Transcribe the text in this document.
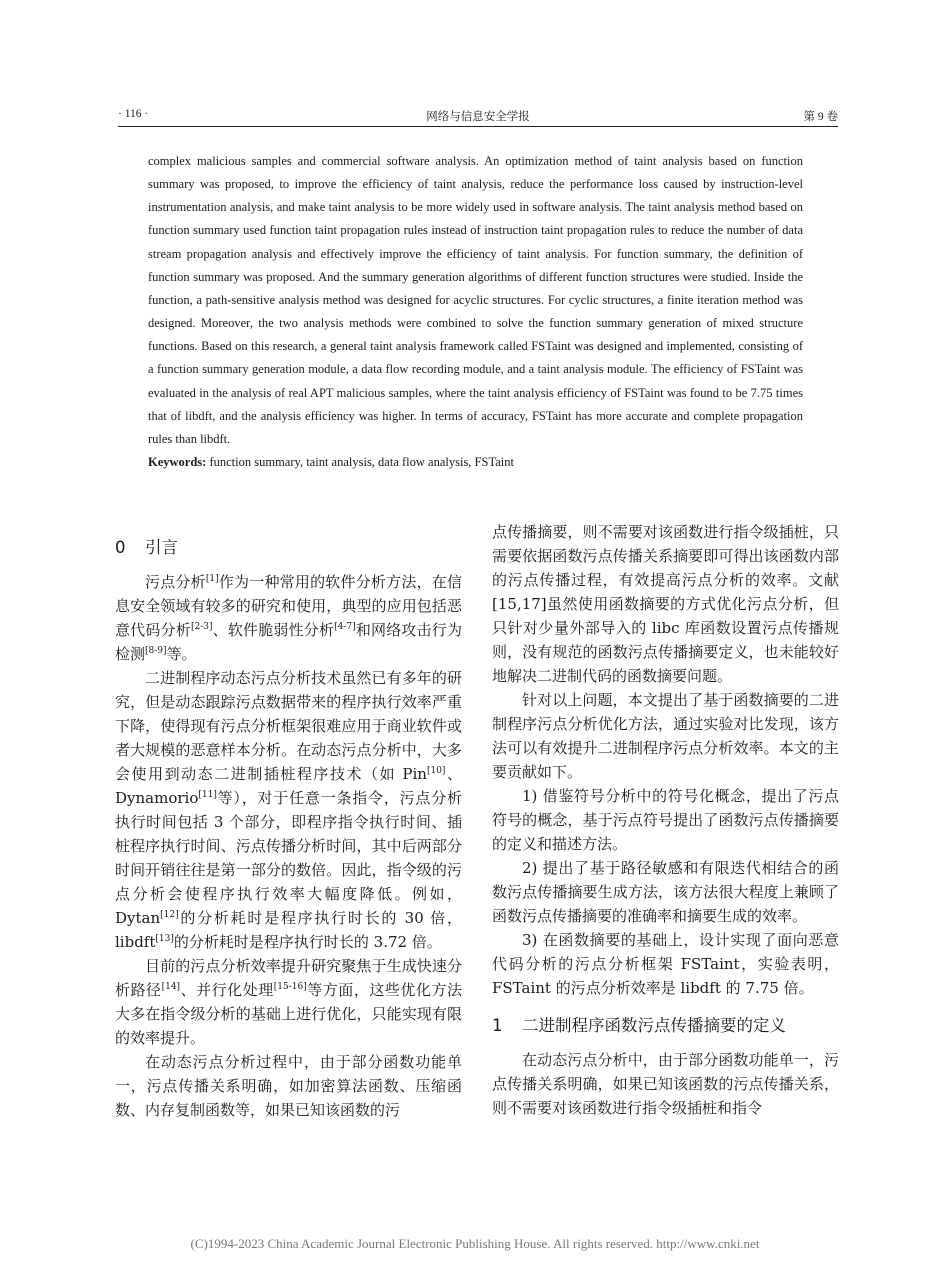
· 116 ·	网络与信息安全学报	第 9 卷

complex malicious samples and commercial software analysis. An optimization method of taint analysis based on function summary was proposed, to improve the efficiency of taint analysis, reduce the performance loss caused by instruction-level instrumentation analysis, and make taint analysis to be more widely used in software analysis. The taint analysis method based on function summary used function taint propagation rules instead of instruction taint propagation rules to reduce the number of data stream propagation analysis and effectively improve the efficiency of taint analysis. For function summary, the definition of function summary was proposed. And the summary generation algorithms of different function structures were studied. Inside the function, a path-sensitive analysis method was designed for acyclic structures. For cyclic structures, a finite iteration method was designed. Moreover, the two analysis methods were combined to solve the function summary generation of mixed structure functions. Based on this research, a general taint analysis framework called FSTaint was designed and implemented, consisting of a function summary generation module, a data flow recording module, and a taint analysis module. The efficiency of FSTaint was evaluated in the analysis of real APT malicious samples, where the taint analysis efficiency of FSTaint was found to be 7.75 times that of libdft, and the analysis efficiency was higher. In terms of accuracy, FSTaint has more accurate and complete propagation rules than libdft.

Keywords: function summary, taint analysis, data flow analysis, FSTaint

0 引言

污点分析[1]作为一种常用的软件分析方法，在信息安全领域有较多的研究和使用，典型的应用包括恶意代码分析[2-3]、软件脆弱性分析[4-7]和网络攻击行为检测[8-9]等。

二进制程序动态污点分析技术虽然已有多年的研究，但是动态跟踪污点数据带来的程序执行效率严重下降，使得现有污点分析框架很难应用于商业软件或者大规模的恶意样本分析。在动态污点分析中，大多会使用到动态二进制插桩程序技术（如 Pin[10]、Dynamorio[11]等），对于任意一条指令，污点分析执行时间包括 3 个部分，即程序指令执行时间、插桩程序执行时间、污点传播分析时间，其中后两部分时间开销往往是第一部分的数倍。因此，指令级的污点分析会使程序执行效率大幅度降低。例如，Dytan[12]的分析耗时是程序执行时长的 30 倍，libdft[13]的分析耗时是程序执行时长的 3.72 倍。

目前的污点分析效率提升研究聚焦于生成快速分析路径[14]、并行化处理[15-16]等方面，这些优化方法大多在指令级分析的基础上进行优化，只能实现有限的效率提升。

在动态污点分析过程中，由于部分函数功能单一，污点传播关系明确，如加密算法函数、压缩函数、内存复制函数等，如果已知该函数的污

点传播摘要，则不需要对该函数进行指令级插桩，只需要依据函数污点传播关系摘要即可得出该函数内部的污点传播过程，有效提高污点分析的效率。文献[15,17]虽然使用函数摘要的方式优化污点分析，但只针对少量外部导入的 libc 库函数设置污点传播规则，没有规范的函数污点传播摘要定义，也未能较好地解决二进制代码的函数摘要问题。

针对以上问题，本文提出了基于函数摘要的二进制程序污点分析优化方法，通过实验对比发现，该方法可以有效提升二进制程序污点分析效率。本文的主要贡献如下。

1) 借鉴符号分析中的符号化概念，提出了污点符号的概念，基于污点符号提出了函数污点传播摘要的定义和描述方法。

2) 提出了基于路径敏感和有限迭代相结合的函数污点传播摘要生成方法，该方法很大程度上兼顾了函数污点传播摘要的准确率和摘要生成的效率。

3) 在函数摘要的基础上，设计实现了面向恶意代码分析的污点分析框架 FSTaint，实验表明，FSTaint 的污点分析效率是 libdft 的 7.75 倍。

1 二进制程序函数污点传播摘要的定义

在动态污点分析中，由于部分函数功能单一，污点传播关系明确，如果已知该函数的污点传播关系，则不需要对该函数进行指令级插桩和指令

(C)1994-2023 China Academic Journal Electronic Publishing House. All rights reserved. http://www.cnki.net
